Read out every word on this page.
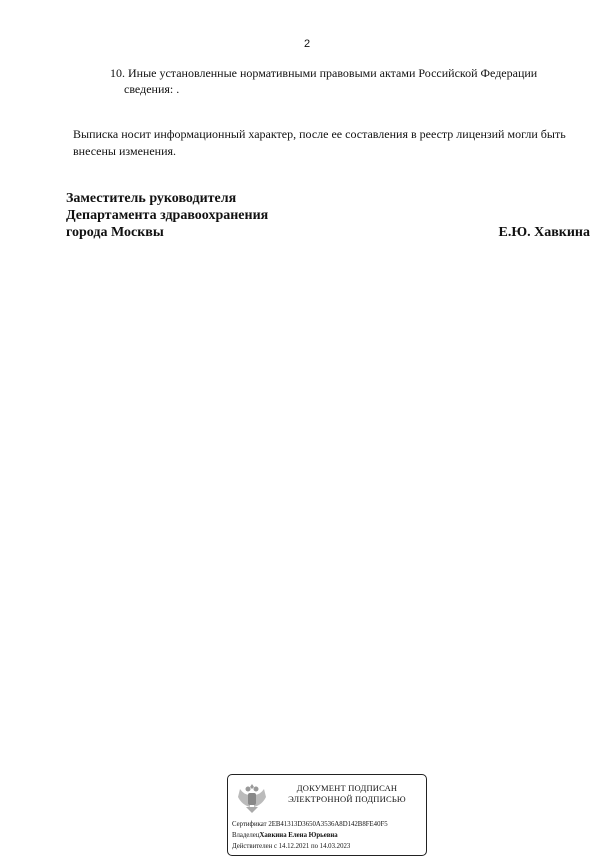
2
10. Иные установленные нормативными правовыми актами Российской Федерации
сведения: .
Выписка носит информационный характер, после ее составления в реестр лицензий могли быть
внесены изменения.
Заместитель руководителя
Департамента здравоохранения
города Москвы	Е.Ю. Хавкина
ДОКУМЕНТ ПОДПИСАН
ЭЛЕКТРОННОЙ ПОДПИСЬЮ
Сертификат 2EB41313D3650A3536A8D142B8FE40F5
ВладелецХавкина Елена Юрьевна
Действителен с 14.12.2021 по 14.03.2023
